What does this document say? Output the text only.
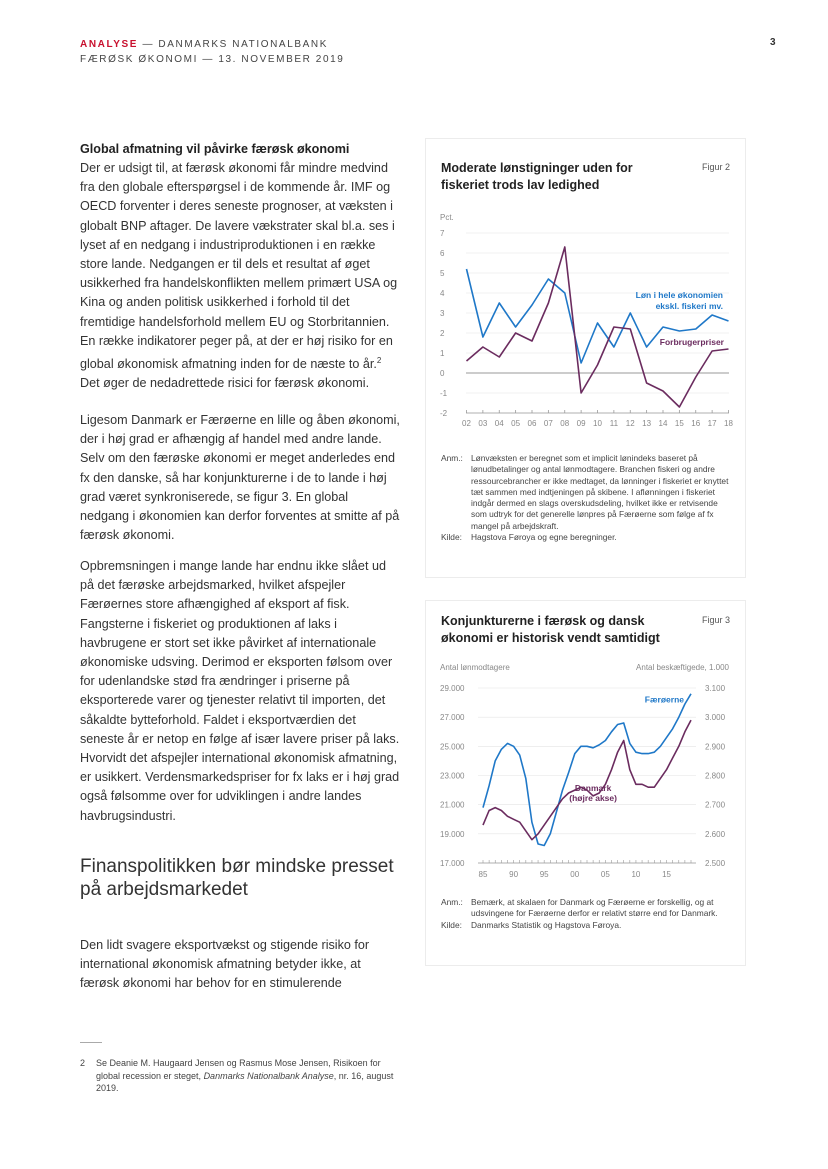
ANALYSE — DANMARKS NATIONALBANK
FÆRØSK ØKONOMI — 13. NOVEMBER 2019
3
Global afmatning vil påvirke færøsk økonomi

Der er udsigt til, at færøsk økonomi får mindre medvind fra den globale efterspørgsel i de kommende år. IMF og OECD forventer i deres seneste prognoser, at væksten i globalt BNP aftager. De lavere vækstrater skal bl.a. ses i lyset af en nedgang i industriproduktionen i en række store lande. Nedgangen er til dels et resultat af øget usikkerhed fra handelskonflikten mellem primært USA og Kina og anden politisk usikkerhed i forhold til det fremtidige handelsforhold mellem EU og Storbritannien. En række indikatorer peger på, at der er høj risiko for en global økonomisk afmatning inden for de næste to år.$^2$ Det øger de nedadrettede risici for færøsk økonomi.

Ligesom Danmark er Færøerne en lille og åben økonomi, der i høj grad er afhængig af handel med andre lande. Selv om den færøske økonomi er meget anderledes end fx den danske, så har konjunkturerne i de to lande i høj grad været synkroniserede, se figur 3. En global nedgang i økonomien kan derfor forventes at smitte af på færøsk økonomi.

Opbremsningen i mange lande har endnu ikke slået ud på det færøske arbejdsmarked, hvilket afspejler Færøernes store afhængighed af eksport af fisk. Fangsterne i fiskeriet og produktionen af laks i havbrugene er stort set ikke påvirket af internationale økonomiske udsving. Derimod er eksporten følsom over for udenlandske stød fra ændringer i priserne på eksporterede varer og tjenester relativt til importen, det såkaldte bytteforhold. Faldet i eksportværdien det seneste år er netop en følge af især lavere priser på laks. Hvorvidt det afspejler international økonomisk afmatning, er usikkert. Verdensmarkedspriser for fx laks er i høj grad også følsomme over for udviklingen i andre landes havbrugsindustri.

Finanspolitikken bør mindske presset på arbejdsmarkedet

Den lidt svagere eksportvækst og stigende risiko for international økonomisk afmatning betyder ikke, at færøsk økonomi har behov for en stimulerende

2 Se Deanie M. Haugaard Jensen og Rasmus Mose Jensen, Risikoen for global recession er steget, Danmarks Nationalbank Analyse, nr. 16, august 2019.
Moderate lønstigninger uden for fiskeriet trods lav ledighed
Figur 2
Pct.
7
6
5
4
3
2
1
0
-1
-2
02 03 04 05 06 07 08 09 10 11 12 13 14 15 16 17 18
Løn i hele økonomien
ekskl. fiskeri mv.
Forbrugerpriser
Anm.: Lønvæksten er beregnet som et implicit lønindeks baseret på lønudbetalinger og antal lønmodtagere. Branchen fiskeri og andre ressourcebrancher er ikke medtaget, da lønninger i fiskeriet er knyttet tæt sammen med indtjeningen på skibene. I aflønningen i fiskeriet indgår dermed en slags overskudsdeling, hvilket ikke er retvisende som udtryk for det generelle lønpres på Færøerne som følge af fx mangel på arbejdskraft.
Kilde:	Hagstova Føroya og egne beregninger.
Konjunkturerne i færøsk og dansk økonomi er historisk vendt samtidigt
Figur 3
Antal lønmodtagere	Antal beskæftigede, 1.000
29.000	3.100
27.000	3.000
25.000	2.900
23.000	2.800
21.000	2.700
19.000	2.600
17.000	2.500
85	90	95	00	05	10	15
Færøerne
Danmark
(højre akse)
Anm.: Bemærk, at skalaen for Danmark og Færøerne er forskellig, og at udsvingene for Færøerne derfor er relativt større end for Danmark.
Kilde:	Danmarks Statistik og Hagstova Føroya.
